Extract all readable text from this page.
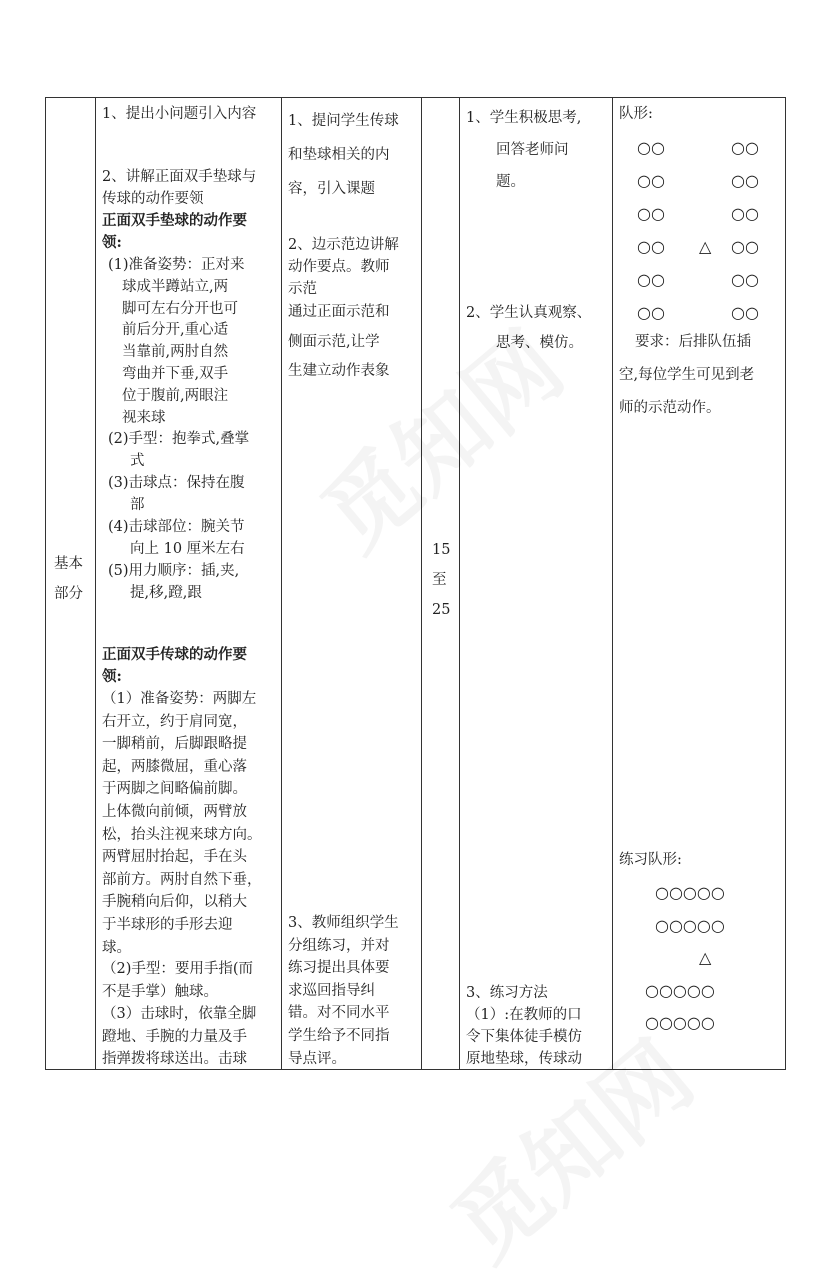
基本
部分

1、提出小问题引入内容
2、讲解正面双手垫球与
传球的动作要领
正面双手垫球的动作要
领:
(1)准备姿势：正对来
球成半蹲站立,两
脚可左右分开也可
前后分开,重心适
当靠前,两肘自然
弯曲并下垂,双手
位于腹前,两眼注
视来球
(2)手型：抱拳式,叠掌
式
(3)击球点：保持在腹
部
(4)击球部位：腕关节
向上 10 厘米左右
(5)用力顺序：插,夹,
提,移,蹬,跟
正面双手传球的动作要
领:
（1）准备姿势：两脚左
右开立，约于肩同宽，
一脚稍前，后脚跟略提
起，两膝微屈，重心落
于两脚之间略偏前脚。
上体微向前倾，两臂放
松，抬头注视来球方向。
两臂屈肘抬起，手在头
部前方。两肘自然下垂，
手腕稍向后仰，以稍大
于半球形的手形去迎
球。
（2)手型：要用手指(而
不是手掌）触球。
（3）击球时，依靠全脚
蹬地、手腕的力量及手
指弹拨将球送出。击球

1、提问学生传球
和垫球相关的内
容，引入课题
2、边示范边讲解
动作要点。教师
示范
通过正面示范和
侧面示范,让学
生建立动作表象
3、教师组织学生
分组练习，并对
练习提出具体要
求巡回指导纠
错。对不同水平
学生给予不同指
导点评。

15
至
25

1、学生积极思考,
回答老师问
题。
2、学生认真观察、
思考、模仿。
3、练习方法
（1）:在教师的口
令下集体徒手模仿
原地垫球，传球动

队形:
○○	○○
○○	○○
○○	○○
○○ △ ○○
○○	○○
○○	○○
要求：后排队伍插
空,每位学生可见到老
师的示范动作。
练习队形:
○○○○○
○○○○○
△
○○○○○
○○○○○
